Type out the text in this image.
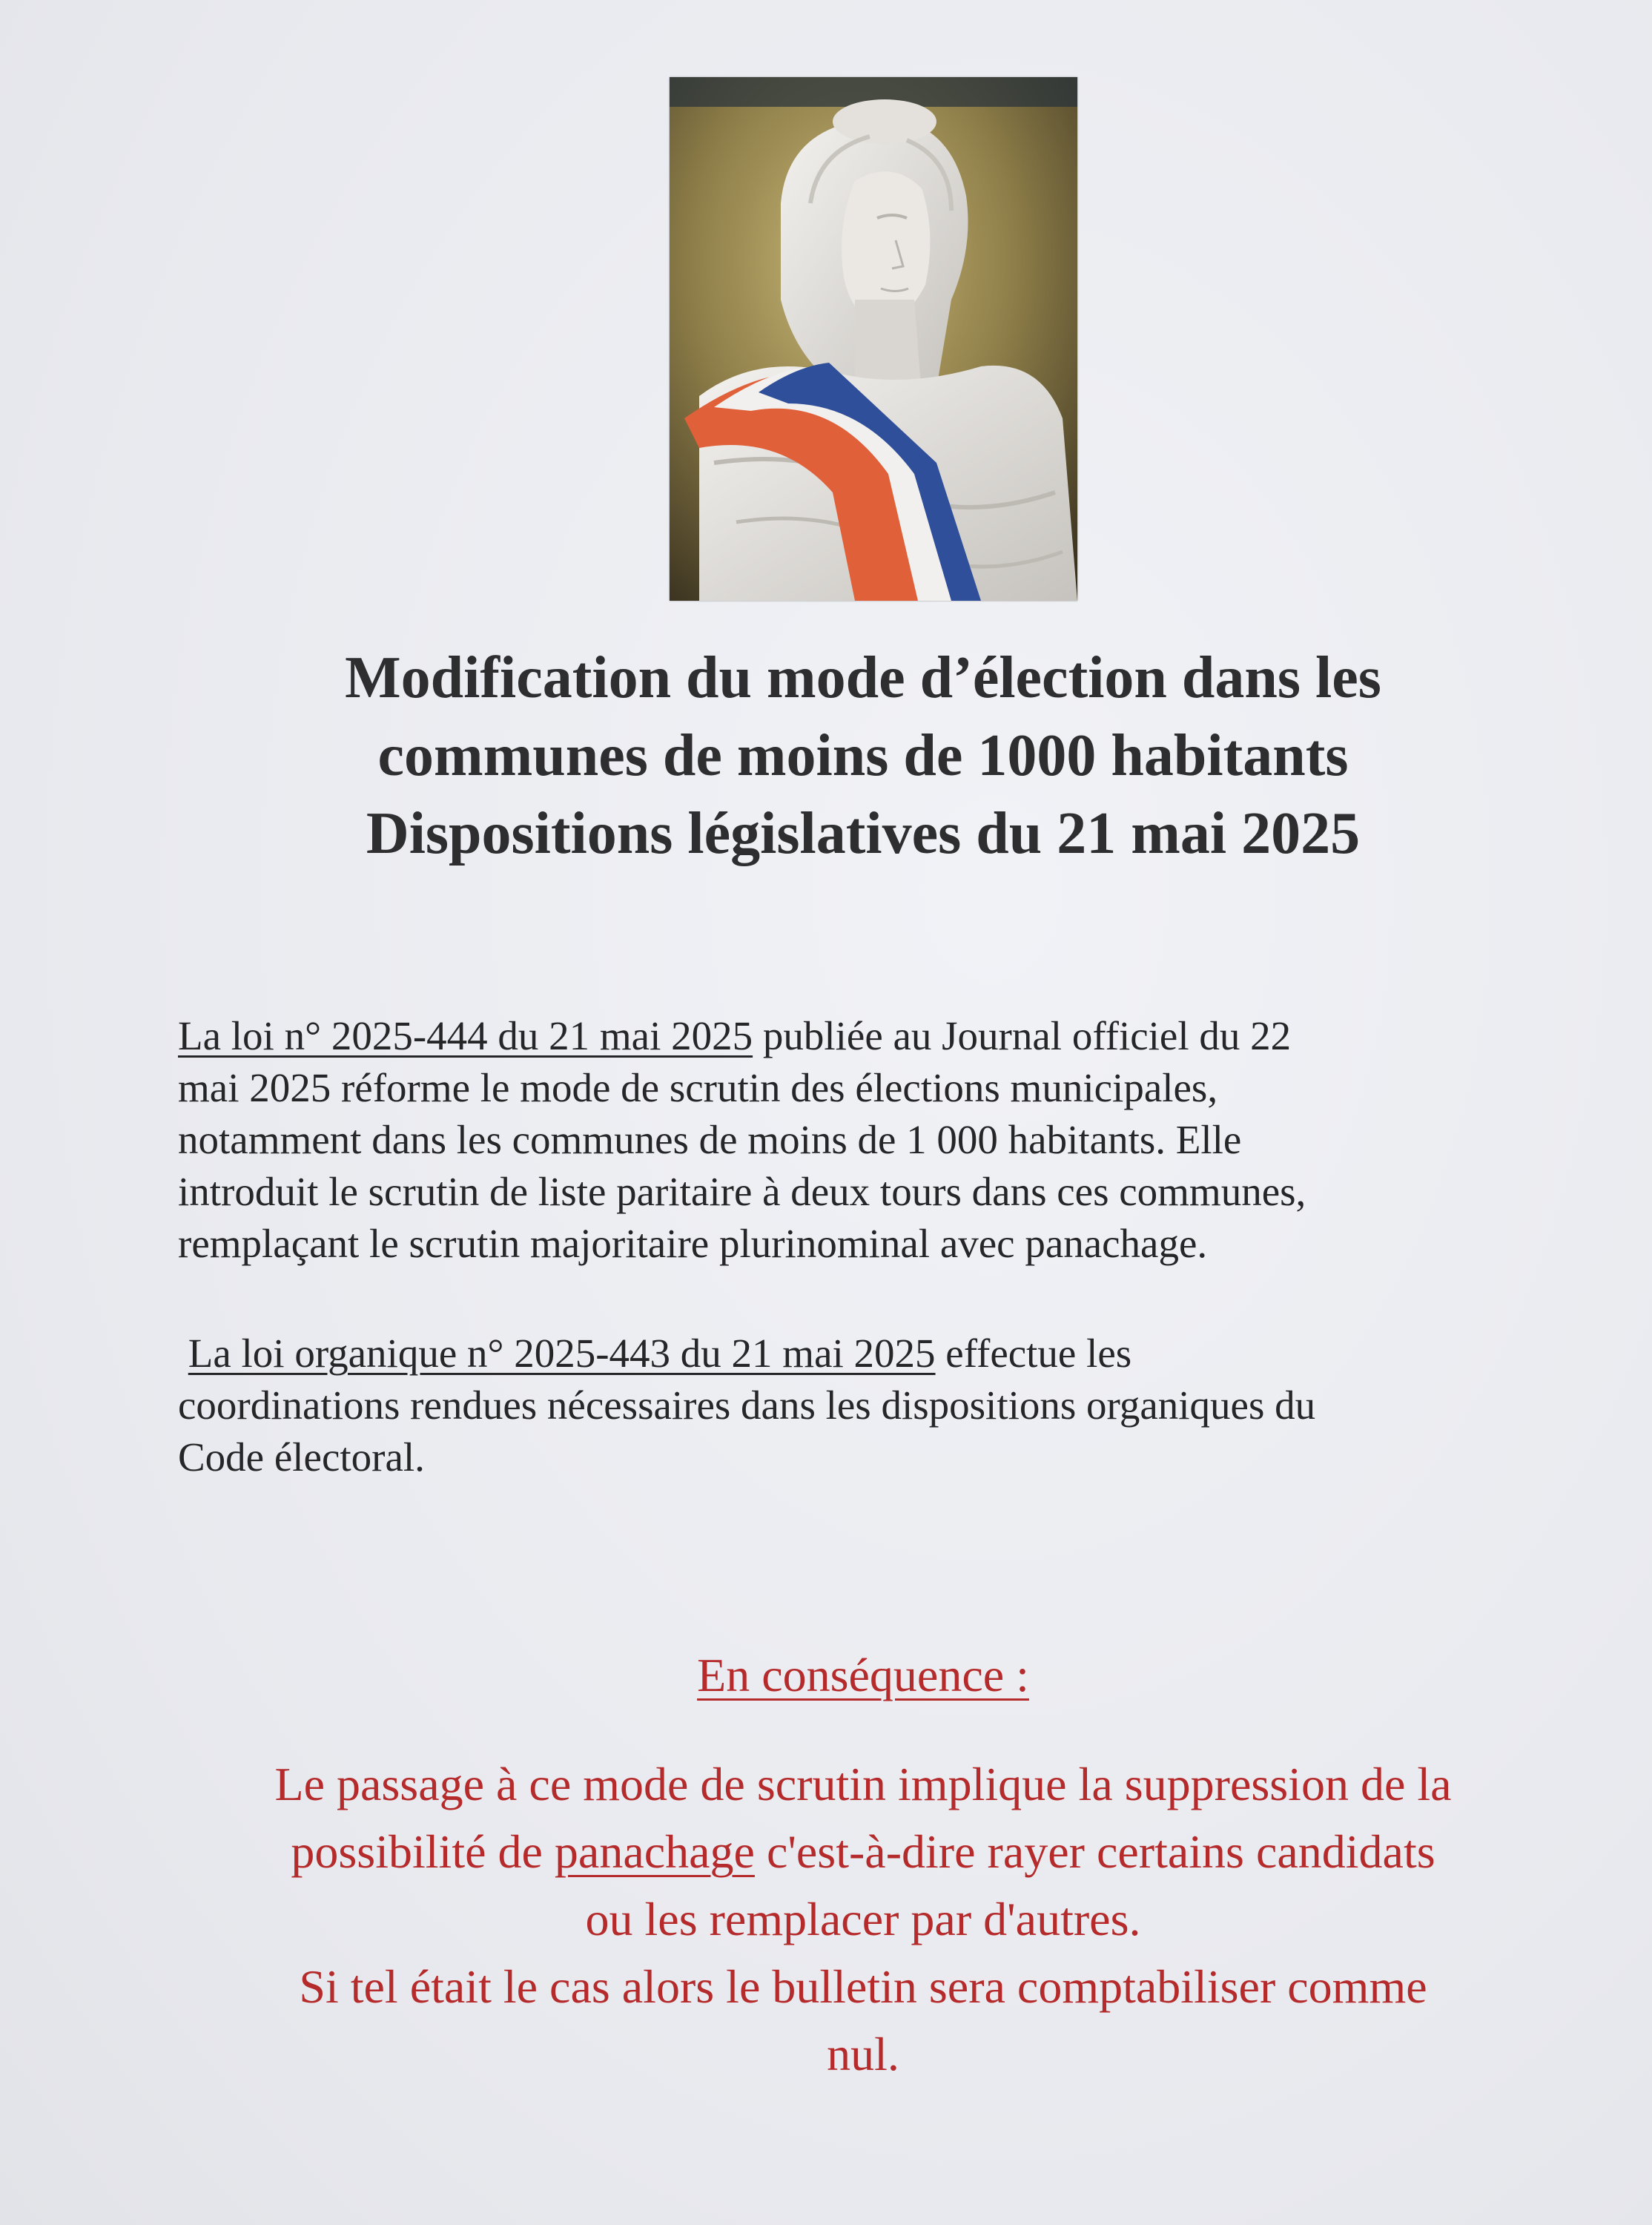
Modification du mode d’élection dans les
communes de moins de 1000 habitants
Dispositions législatives du 21 mai 2025
La loi n° 2025-444 du 21 mai 2025 publiée au Journal officiel du 22
mai 2025 réforme le mode de scrutin des élections municipales,
notamment dans les communes de moins de 1 000 habitants. Elle
introduit le scrutin de liste paritaire à deux tours dans ces communes,
remplaçant le scrutin majoritaire plurinominal avec panachage.
La loi organique n° 2025-443 du 21 mai 2025 effectue les
coordinations rendues nécessaires dans les dispositions organiques du
Code électoral.
En conséquence :
Le passage à ce mode de scrutin implique la suppression de la
possibilité de panachage c'est-à-dire rayer certains candidats
ou les remplacer par d'autres.
Si tel était le cas alors le bulletin sera comptabiliser comme
nul.
